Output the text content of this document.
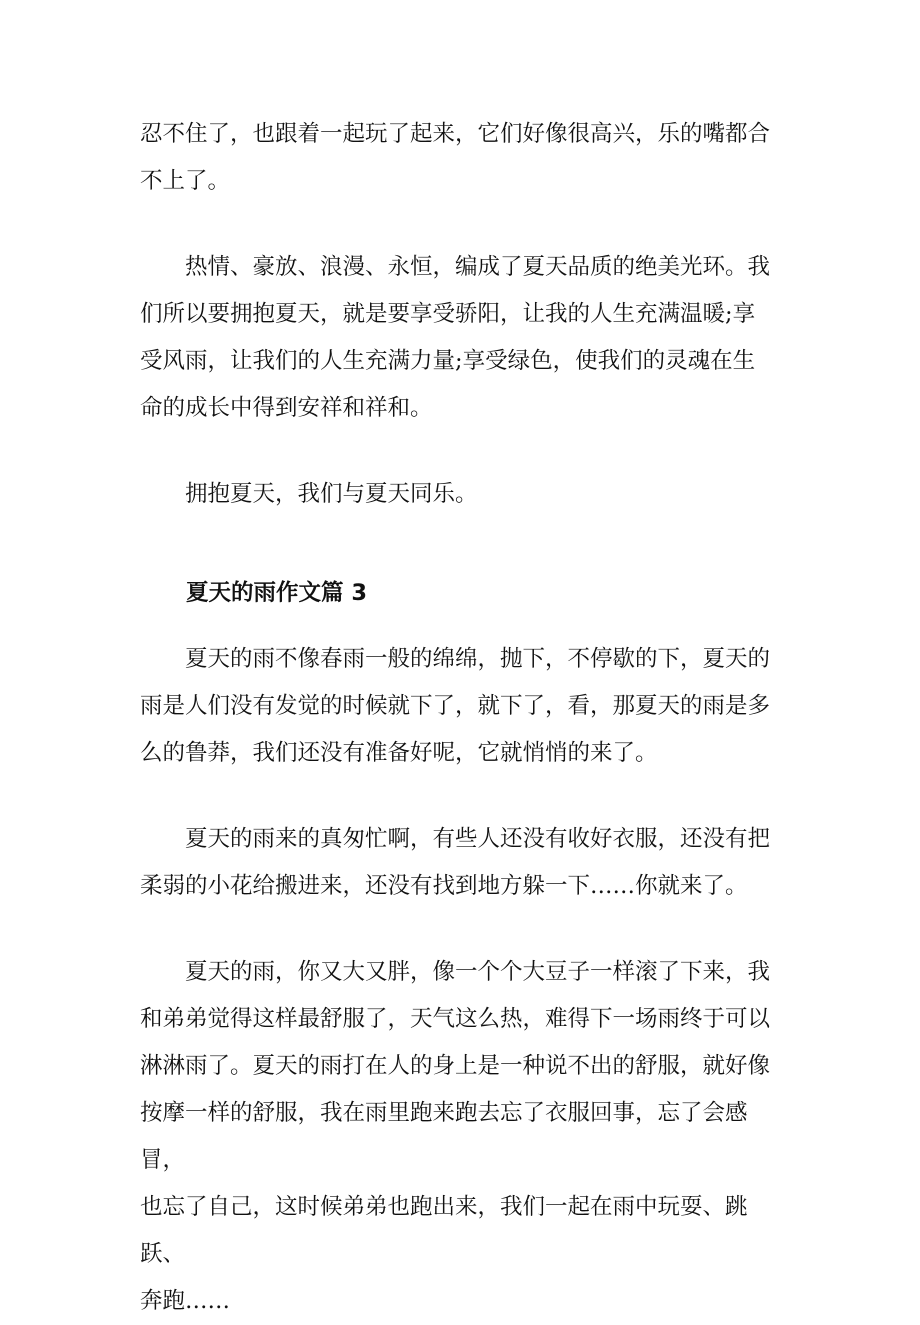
忍不住了，也跟着一起玩了起来，它们好像很高兴，乐的嘴都合
不上了。

　　热情、豪放、浪漫、永恒，编成了夏天品质的绝美光环。我
们所以要拥抱夏天，就是要享受骄阳，让我的人生充满温暖;享
受风雨，让我们的人生充满力量;享受绿色，使我们的灵魂在生
命的成长中得到安祥和祥和。

　　拥抱夏天，我们与夏天同乐。

夏天的雨作文篇 3

　　夏天的雨不像春雨一般的绵绵，抛下，不停歇的下，夏天的
雨是人们没有发觉的时候就下了，就下了，看，那夏天的雨是多
么的鲁莽，我们还没有准备好呢，它就悄悄的来了。

　　夏天的雨来的真匆忙啊，有些人还没有收好衣服，还没有把
柔弱的小花给搬进来，还没有找到地方躲一下……你就来了。

　　夏天的雨，你又大又胖，像一个个大豆子一样滚了下来，我
和弟弟觉得这样最舒服了，天气这么热，难得下一场雨终于可以
淋淋雨了。夏天的雨打在人的身上是一种说不出的舒服，就好像
按摩一样的舒服，我在雨里跑来跑去忘了衣服回事，忘了会感冒，
也忘了自己，这时候弟弟也跑出来，我们一起在雨中玩耍、跳跃、
奔跑……
